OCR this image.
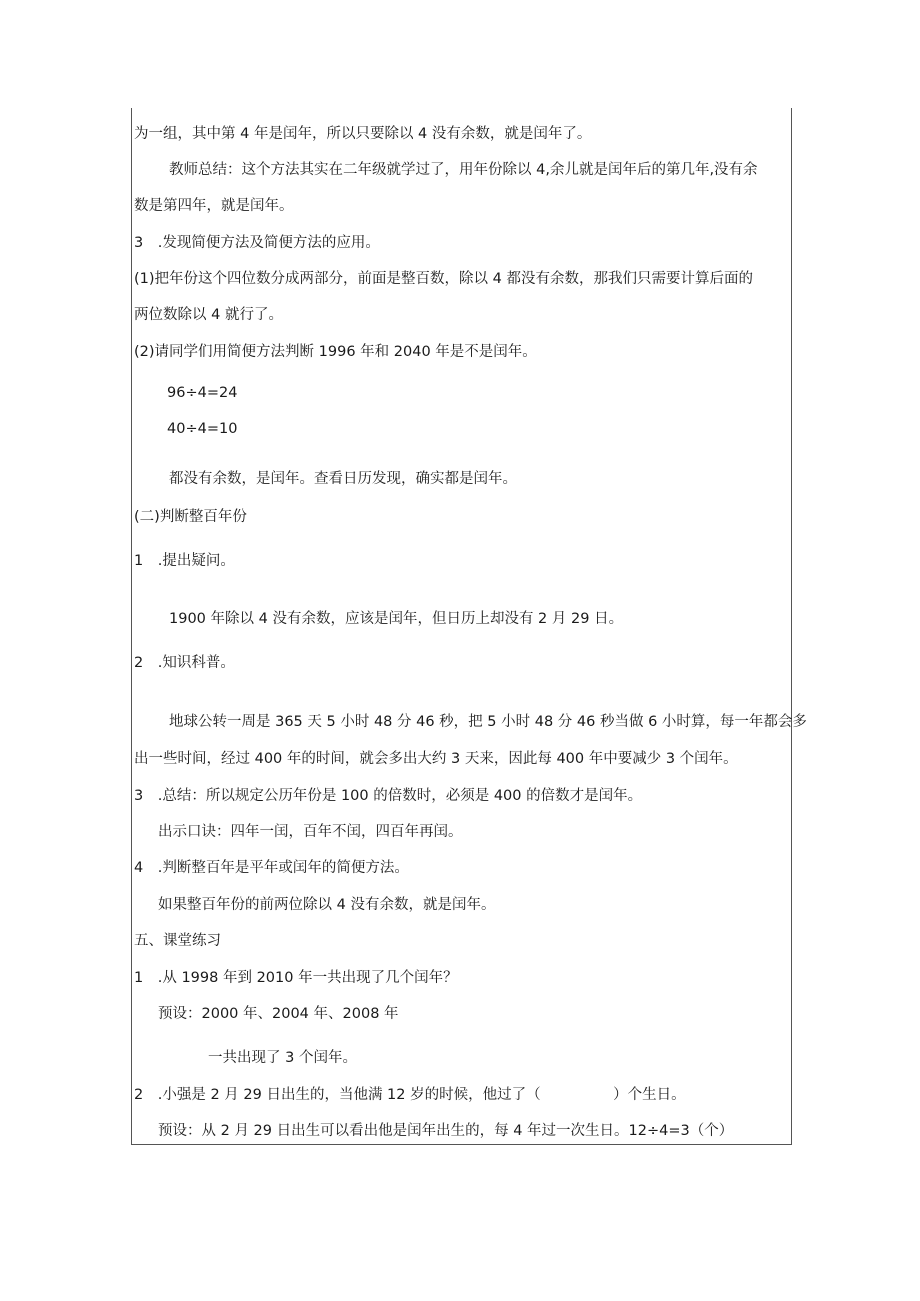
为一组，其中第 4 年是闰年，所以只要除以 4 没有余数，就是闰年了。
教师总结：这个方法其实在二年级就学过了，用年份除以 4,余儿就是闰年后的第几年,没有余
数是第四年，就是闰年。
3　.发现简便方法及简便方法的应用。
(1)把年份这个四位数分成两部分，前面是整百数，除以 4 都没有余数，那我们只需要计算后面的
两位数除以 4 就行了。
(2)请同学们用简便方法判断 1996 年和 2040 年是不是闰年。
96÷4=24
40÷4=10
都没有余数，是闰年。查看日历发现，确实都是闰年。
(二)判断整百年份
1　.提出疑问。
1900 年除以 4 没有余数，应该是闰年，但日历上却没有 2 月 29 日。
2　.知识科普。
地球公转一周是 365 天 5 小时 48 分 46 秒，把 5 小时 48 分 46 秒当做 6 小时算，每一年都会多
出一些时间，经过 400 年的时间，就会多出大约 3 天来，因此每 400 年中要减少 3 个闰年。
3　.总结：所以规定公历年份是 100 的倍数时，必须是 400 的倍数才是闰年。
出示口诀：四年一闰，百年不闰，四百年再闰。
4　.判断整百年是平年或闰年的简便方法。
如果整百年份的前两位除以 4 没有余数，就是闰年。
五、课堂练习
1　.从 1998 年到 2010 年一共出现了几个闰年？
预设：2000 年、2004 年、2008 年
一共出现了 3 个闰年。
2　.小强是 2 月 29 日出生的，当他满 12 岁的时候，他过了（　　　　　）个生日。
预设：从 2 月 29 日出生可以看出他是闰年出生的，每 4 年过一次生日。12÷4=3（个）
